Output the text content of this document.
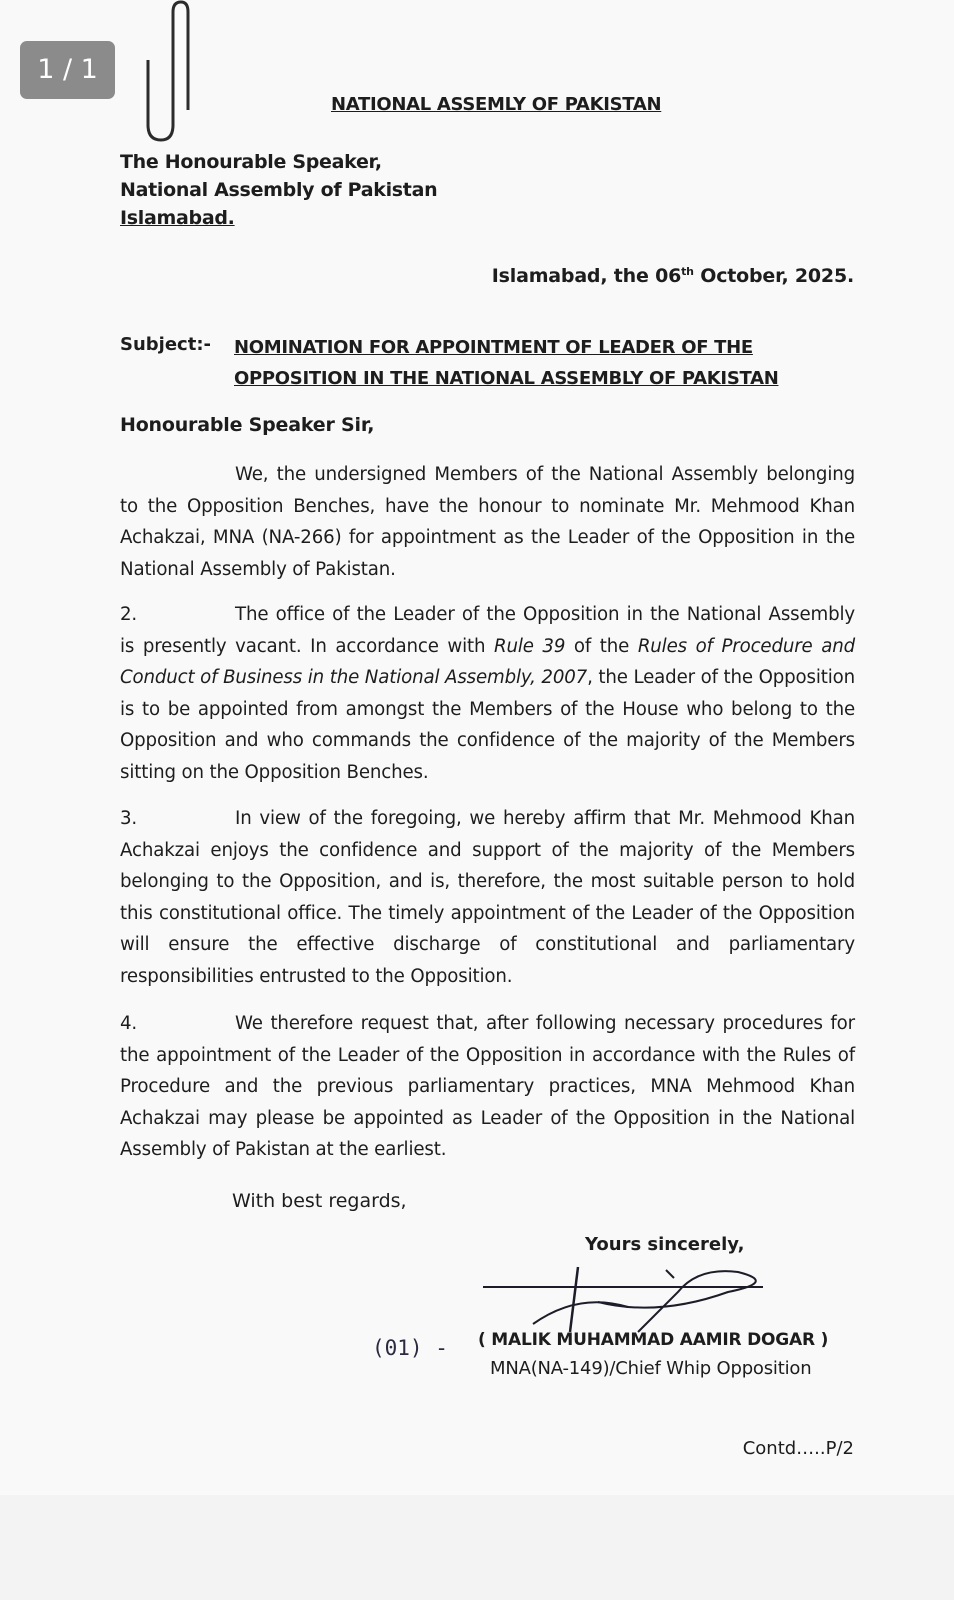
1 / 1
NATIONAL ASSEMLY OF PAKISTAN
The Honourable Speaker,
National Assembly of Pakistan
Islamabad.
Islamabad, the 06th October, 2025.
Subject:- NOMINATION FOR APPOINTMENT OF LEADER OF THE OPPOSITION IN THE NATIONAL ASSEMBLY OF PAKISTAN
Honourable Speaker Sir,
We, the undersigned Members of the National Assembly belonging to the Opposition Benches, have the honour to nominate Mr. Mehmood Khan Achakzai, MNA (NA-266) for appointment as the Leader of the Opposition in the National Assembly of Pakistan.
2.	The office of the Leader of the Opposition in the National Assembly is presently vacant. In accordance with Rule 39 of the Rules of Procedure and Conduct of Business in the National Assembly, 2007, the Leader of the Opposition is to be appointed from amongst the Members of the House who belong to the Opposition and who commands the confidence of the majority of the Members sitting on the Opposition Benches.
3.	In view of the foregoing, we hereby affirm that Mr. Mehmood Khan Achakzai enjoys the confidence and support of the majority of the Members belonging to the Opposition, and is, therefore, the most suitable person to hold this constitutional office. The timely appointment of the Leader of the Opposition will ensure the effective discharge of constitutional and parliamentary responsibilities entrusted to the Opposition.
4.	We therefore request that, after following necessary procedures for the appointment of the Leader of the Opposition in accordance with the Rules of Procedure and the previous parliamentary practices, MNA Mehmood Khan Achakzai may please be appointed as Leader of the Opposition in the National Assembly of Pakistan at the earliest.
With best regards,
Yours sincerely,
(01) - ( MALIK MUHAMMAD AAMIR DOGAR )
MNA(NA-149)/Chief Whip Opposition
Contd…..P/2
